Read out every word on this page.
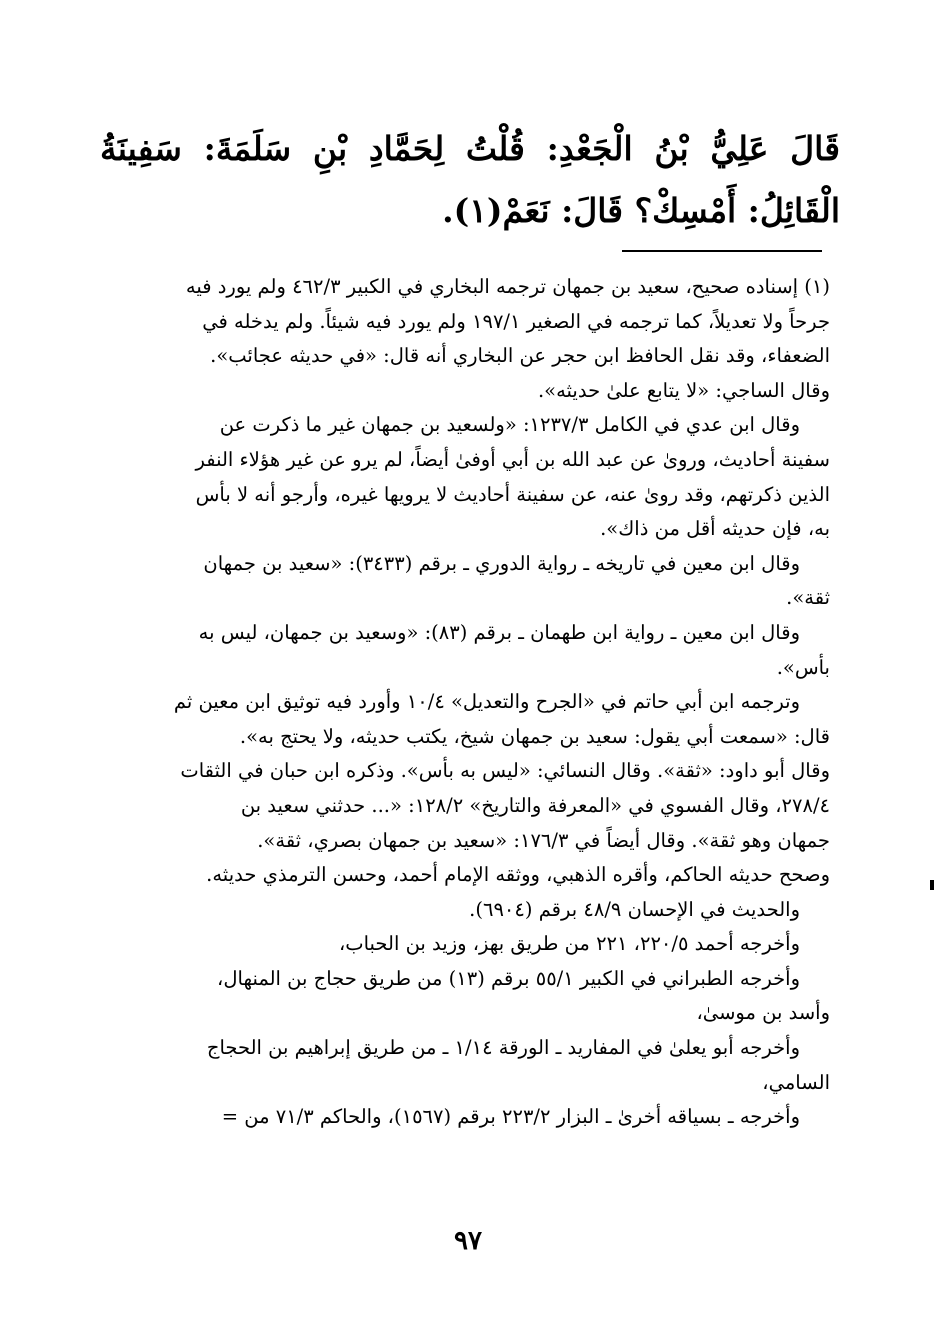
قَالَ عَلِيُّ بْنُ الْجَعْدِ: قُلْتُ لِحَمَّادِ بْنِ سَلَمَةَ: سَفِينَةُ الْقَائِلُ: أَمْسِكْ؟ قَالَ: نَعَمْ(١).

(١) إسناده صحيح، سعيد بن جمهان ترجمه البخاري في الكبير ٤٦٢/٣ ولم يورد فيه

جرحاً ولا تعديلاً، كما ترجمه في الصغير ١٩٧/١ ولم يورد فيه شيئاً. ولم يدخله في

الضعفاء، وقد نقل الحافظ ابن حجر عن البخاري أنه قال: «في حديثه عجائب».

وقال الساجي: «لا يتابع علىٰ حديثه».

وقال ابن عدي في الكامل ١٢٣٧/٣: «ولسعيد بن جمهان غير ما ذكرت عن

سفينة أحاديث، وروىٰ عن عبد الله بن أبي أوفىٰ أيضاً، لم يرو عن غير هؤلاء النفر

الذين ذكرتهم، وقد روىٰ عنه، عن سفينة أحاديث لا يرويها غيره، وأرجو أنه لا بأس

به، فإن حديثه أقل من ذاك».

وقال ابن معين في تاريخه ـ رواية الدوري ـ برقم (٣٤٣٣): «سعيد بن جمهان

ثقة».

وقال ابن معين ـ رواية ابن طهمان ـ برقم (٨٣): «وسعيد بن جمهان، ليس به

بأس».

وترجمه ابن أبي حاتم في «الجرح والتعديل» ١٠/٤ وأورد فيه توثيق ابن معين ثم

قال: «سمعت أبي يقول: سعيد بن جمهان شيخ، يكتب حديثه، ولا يحتج به».

وقال أبو داود: «ثقة». وقال النسائي: «ليس به بأس». وذكره ابن حبان في الثقات

٢٧٨/٤، وقال الفسوي في «المعرفة والتاريخ» ١٢٨/٢: «... حدثني سعيد بن

جمهان وهو ثقة». وقال أيضاً في ١٧٦/٣: «سعيد بن جمهان بصري، ثقة».

وصحح حديثه الحاكم، وأقره الذهبي، ووثقه الإمام أحمد، وحسن الترمذي حديثه.

والحديث في الإحسان ٤٨/٩ برقم (٦٩٠٤).

وأخرجه أحمد ٢٢٠/٥، ٢٢١ من طريق بهز، وزيد بن الحباب،

وأخرجه الطبراني في الكبير ٥٥/١ برقم (١٣) من طريق حجاج بن المنهال،

وأسد بن موسىٰ،

وأخرجه أبو يعلىٰ في المفاريد ـ الورقة ١/١٤ ـ من طريق إبراهيم بن الحجاج

السامي،

وأخرجه ـ بسياقه أخرىٰ ـ البزار ٢٢٣/٢ برقم (١٥٦٧)، والحاكم ٧١/٣ من =

٩٧
